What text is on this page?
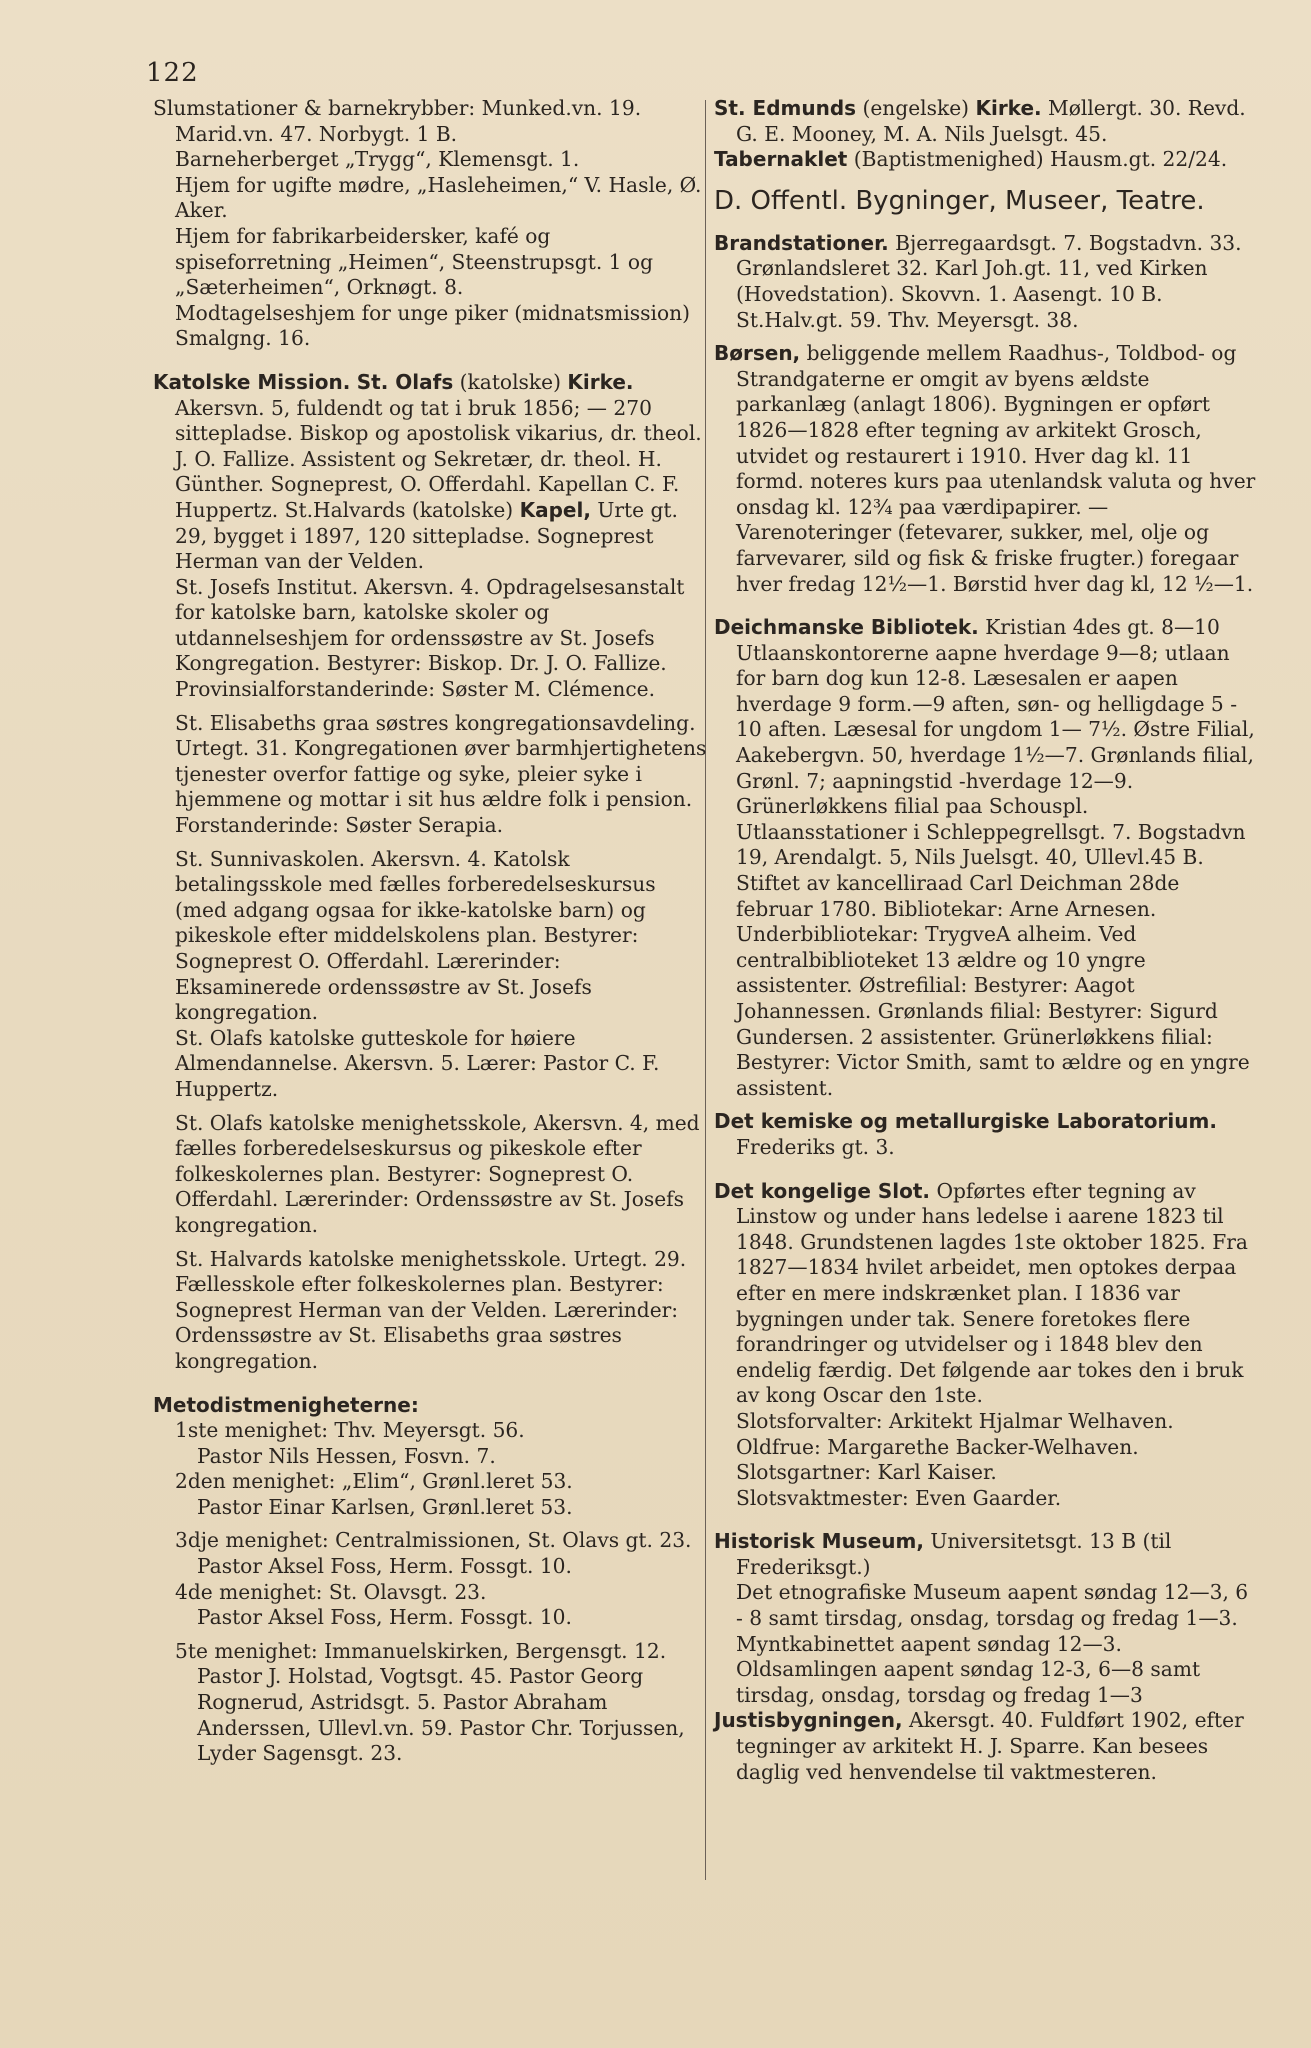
122

Slumstationer & barnekrybber: Munked.vn. 19. Marid.vn. 47. Norbygt. 1 B.

Barneherberget „Trygg“, Klemensgt. 1.

Hjem for ugifte mødre, „Hasleheimen,“ V. Hasle, Ø. Aker.

Hjem for fabrikarbeidersker, kafé og spiseforretning „Heimen“, Steenstrupsgt. 1 og „Sæterheimen“, Orknøgt. 8.

Modtagelseshjem for unge piker (midnatsmission) Smalgng. 16.

Katolske Mission. St. Olafs (katolske) Kirke. Akersvn. 5, fuldendt og tat i bruk 1856; — 270 sittepladse. Biskop og apostolisk vikarius, dr. theol. J. O. Fallize. Assistent og Sekretær, dr. theol. H. Günther. Sogneprest, O. Offerdahl. Kapellan C. F. Huppertz. St.Halvards (katolske) Kapel, Urte gt. 29, bygget i 1897, 120 sittepladse. Sogneprest Herman van der Velden.

St. Josefs Institut. Akersvn. 4. Opdragelsesanstalt for katolske barn, katolske skoler og utdannelseshjem for ordenssøstre av St. Josefs Kongregation. Bestyrer: Biskop. Dr. J. O. Fallize. Provinsialforstanderinde: Søster M. Clémence.

St. Elisabeths graa søstres kongregationsavdeling. Urtegt. 31. Kongregationen øver barmhjertighetens tjenester overfor fattige og syke, pleier syke i hjemmene og mottar i sit hus ældre folk i pension. Forstanderinde: Søster Serapia.

St. Sunnivaskolen. Akersvn. 4. Katolsk betalingsskole med fælles forberedelseskursus (med adgang ogsaa for ikke-katolske barn) og pikeskole efter middelskolens plan. Bestyrer: Sogneprest O. Offerdahl. Lærerinder: Eksaminerede ordenssøstre av St. Josefs kongregation.

St. Olafs katolske gutteskole for høiere Almendannelse. Akersvn. 5. Lærer: Pastor C. F. Huppertz.

St. Olafs katolske menighetsskole, Akersvn. 4, med fælles forberedelseskursus og pikeskole efter folkeskolernes plan. Bestyrer: Sogneprest O. Offerdahl. Lærerinder: Ordenssøstre av St. Josefs kongregation.

St. Halvards katolske menighetsskole. Urtegt. 29. Fællesskole efter folkeskolernes plan. Bestyrer: Sogneprest Herman van der Velden. Lærerinder: Ordenssøstre av St. Elisabeths graa søstres kongregation.

Metodistmenigheterne:

1ste menighet: Thv. Meyersgt. 56.

Pastor Nils Hessen, Fosvn. 7.

2den menighet: „Elim“, Grønl.leret 53.

Pastor Einar Karlsen, Grønl.leret 53.

3dje menighet: Centralmissionen, St. Olavs gt. 23.

Pastor Aksel Foss, Herm. Fossgt. 10.

4de menighet: St. Olavsgt. 23.

Pastor Aksel Foss, Herm. Fossgt. 10.

5te menighet: Immanuelskirken, Bergensgt. 12.

Pastor J. Holstad, Vogtsgt. 45. Pastor Georg Rognerud, Astridsgt. 5. Pastor Abraham Anderssen, Ullevl.vn. 59. Pastor Chr. Torjussen, Lyder Sagensgt. 23.

St. Edmunds (engelske) Kirke. Møllergt. 30. Revd. G. E. Mooney, M. A. Nils Juelsgt. 45.

Tabernaklet (Baptistmenighed) Hausm.gt. 22/24.

D. Offentl. Bygninger, Museer, Teatre.

Brandstationer. Bjerregaardsgt. 7. Bogstadvn. 33. Grønlandsleret 32. Karl Joh.gt. 11, ved Kirken (Hovedstation). Skovvn. 1. Aasengt. 10 B. St.Halv.gt. 59. Thv. Meyersgt. 38.

Børsen, beliggende mellem Raadhus-, Toldbod- og Strandgaterne er omgit av byens ældste parkanlæg (anlagt 1806). Bygningen er opført 1826—1828 efter tegning av arkitekt Grosch, utvidet og restaurert i 1910. Hver dag kl. 11 formd. noteres kurs paa utenlandsk valuta og hver onsdag kl. 12¾ paa værdipapirer. — Varenoteringer (fetevarer, sukker, mel, olje og farvevarer, sild og fisk & friske frugter.) foregaar hver fredag 12½—1. Børstid hver dag kl, 12 ½—1.

Deichmanske Bibliotek. Kristian 4des gt. 8—10 Utlaanskontorerne aapne hverdage 9—8; utlaan for barn dog kun 12-8. Læsesalen er aapen hverdage 9 form.—9 aften, søn- og helligdage 5 - 10 aften. Læsesal for ungdom 1— 7½. Østre Filial, Aakebergvn. 50, hverdage 1½—7. Grønlands filial, Grønl. 7; aapningstid -hverdage 12—9. Grünerløkkens filial paa Schouspl. Utlaansstationer i Schleppegrellsgt. 7. Bogstadvn 19, Arendalgt. 5, Nils Juelsgt. 40, Ullevl.45 B. Stiftet av kancelliraad Carl Deichman 28de februar 1780. Bibliotekar: Arne Arnesen. Underbibliotekar: TrygveA alheim. Ved centralbiblioteket 13 ældre og 10 yngre assistenter. Østrefilial: Bestyrer: Aagot Johannessen. Grønlands filial: Bestyrer: Sigurd Gundersen. 2 assistenter. Grünerløkkens filial: Bestyrer: Victor Smith, samt to ældre og en yngre assistent.

Det kemiske og metallurgiske Laboratorium. Frederiks gt. 3.

Det kongelige Slot. Opførtes efter tegning av Linstow og under hans ledelse i aarene 1823 til 1848. Grundstenen lagdes 1ste oktober 1825. Fra 1827—1834 hvilet arbeidet, men optokes derpaa efter en mere indskrænket plan. I 1836 var bygningen under tak. Senere foretokes flere forandringer og utvidelser og i 1848 blev den endelig færdig. Det følgende aar tokes den i bruk av kong Oscar den 1ste.

Slotsforvalter: Arkitekt Hjalmar Welhaven.

Oldfrue: Margarethe Backer-Welhaven.

Slotsgartner: Karl Kaiser.

Slotsvaktmester: Even Gaarder.

Historisk Museum, Universitetsgt. 13 B (til Frederiksgt.)

Det etnografiske Museum aapent søndag 12—3, 6 - 8 samt tirsdag, onsdag, torsdag og fredag 1—3.

Myntkabinettet aapent søndag 12—3.

Oldsamlingen aapent søndag 12-3, 6—8 samt tirsdag, onsdag, torsdag og fredag 1—3

Justisbygningen, Akersgt. 40. Fuldført 1902, efter tegninger av arkitekt H. J. Sparre. Kan besees daglig ved henvendelse til vaktmesteren.
